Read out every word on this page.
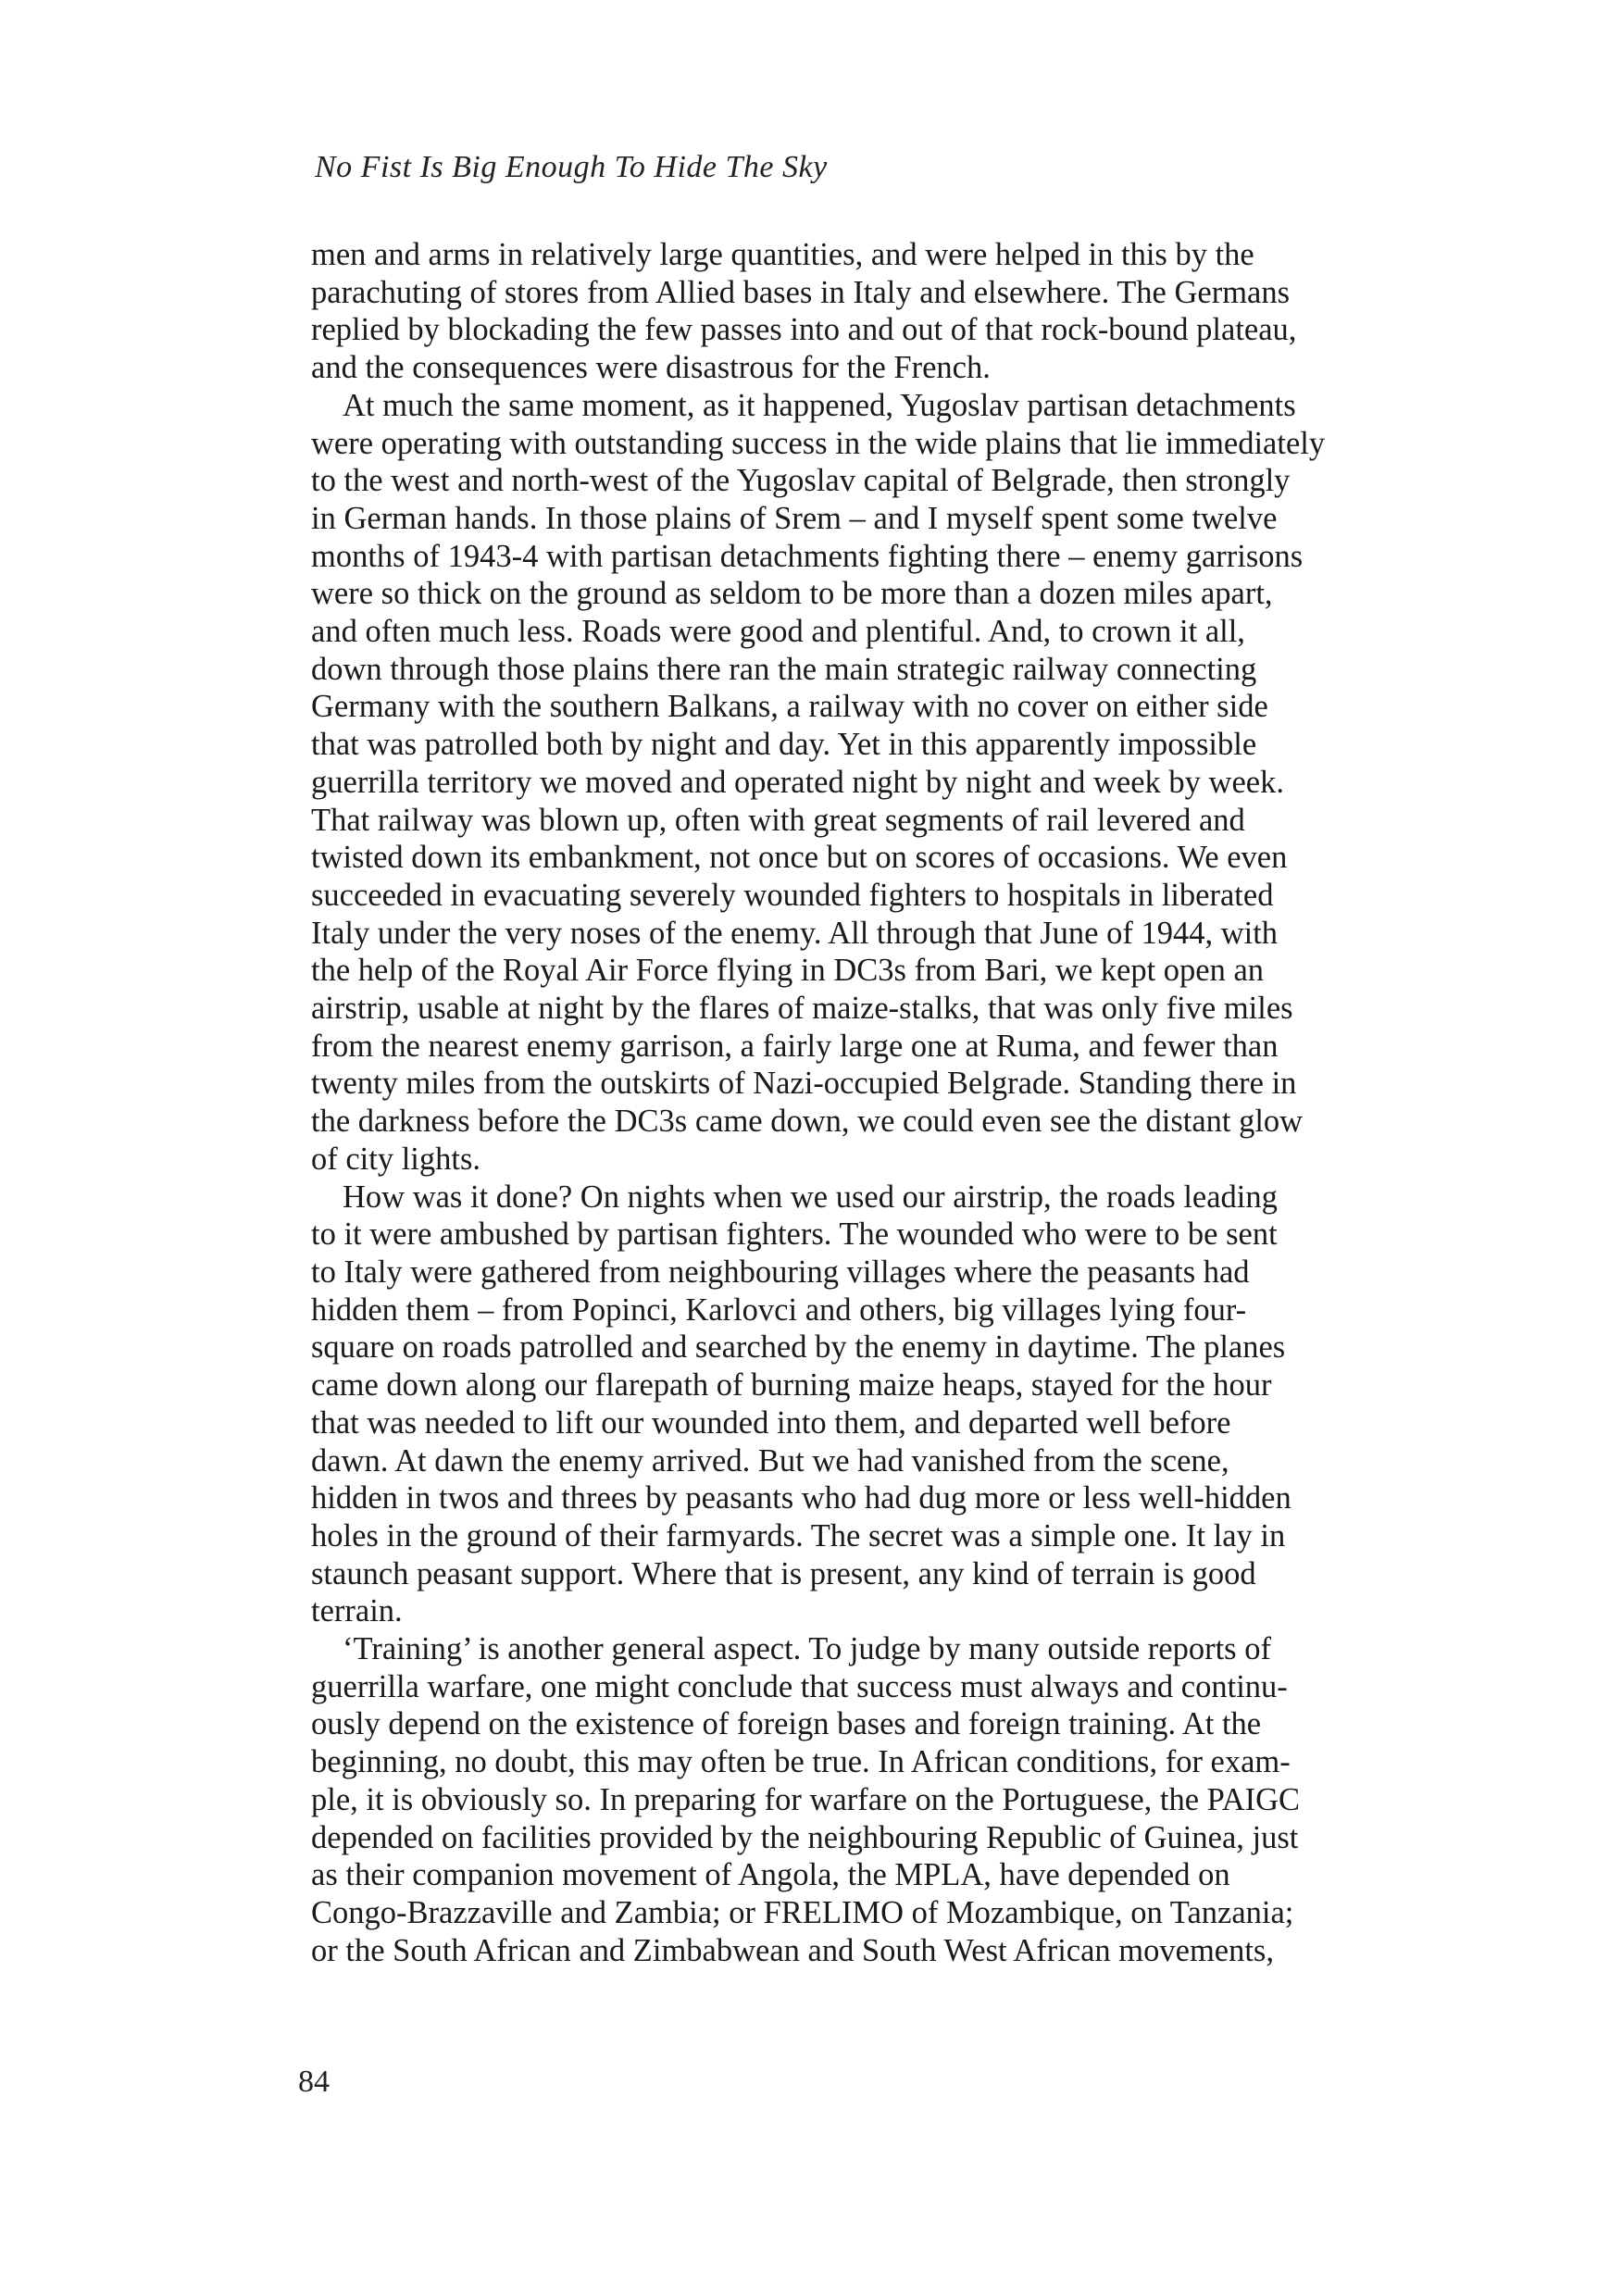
No Fist Is Big Enough To Hide The Sky
men and arms in relatively large quantities, and were helped in this by the
parachuting of stores from Allied bases in Italy and elsewhere. The Germans
replied by blockading the few passes into and out of that rock-bound plateau,
and the consequences were disastrous for the French.
At much the same moment, as it happened, Yugoslav partisan detachments
were operating with outstanding success in the wide plains that lie immediately
to the west and north-west of the Yugoslav capital of Belgrade, then strongly
in German hands. In those plains of Srem – and I myself spent some twelve
months of 1943-4 with partisan detachments fighting there – enemy garrisons
were so thick on the ground as seldom to be more than a dozen miles apart,
and often much less. Roads were good and plentiful. And, to crown it all,
down through those plains there ran the main strategic railway connecting
Germany with the southern Balkans, a railway with no cover on either side
that was patrolled both by night and day. Yet in this apparently impossible
guerrilla territory we moved and operated night by night and week by week.
That railway was blown up, often with great segments of rail levered and
twisted down its embankment, not once but on scores of occasions. We even
succeeded in evacuating severely wounded fighters to hospitals in liberated
Italy under the very noses of the enemy. All through that June of 1944, with
the help of the Royal Air Force flying in DC3s from Bari, we kept open an
airstrip, usable at night by the flares of maize-stalks, that was only five miles
from the nearest enemy garrison, a fairly large one at Ruma, and fewer than
twenty miles from the outskirts of Nazi-occupied Belgrade. Standing there in
the darkness before the DC3s came down, we could even see the distant glow
of city lights.
How was it done? On nights when we used our airstrip, the roads leading
to it were ambushed by partisan fighters. The wounded who were to be sent
to Italy were gathered from neighbouring villages where the peasants had
hidden them – from Popinci, Karlovci and others, big villages lying four-
square on roads patrolled and searched by the enemy in daytime. The planes
came down along our flarepath of burning maize heaps, stayed for the hour
that was needed to lift our wounded into them, and departed well before
dawn. At dawn the enemy arrived. But we had vanished from the scene,
hidden in twos and threes by peasants who had dug more or less well-hidden
holes in the ground of their farmyards. The secret was a simple one. It lay in
staunch peasant support. Where that is present, any kind of terrain is good
terrain.
‘Training’ is another general aspect. To judge by many outside reports of
guerrilla warfare, one might conclude that success must always and continu-
ously depend on the existence of foreign bases and foreign training. At the
beginning, no doubt, this may often be true. In African conditions, for exam-
ple, it is obviously so. In preparing for warfare on the Portuguese, the PAIGC
depended on facilities provided by the neighbouring Republic of Guinea, just
as their companion movement of Angola, the MPLA, have depended on
Congo-Brazzaville and Zambia; or FRELIMO of Mozambique, on Tanzania;
or the South African and Zimbabwean and South West African movements,
84
